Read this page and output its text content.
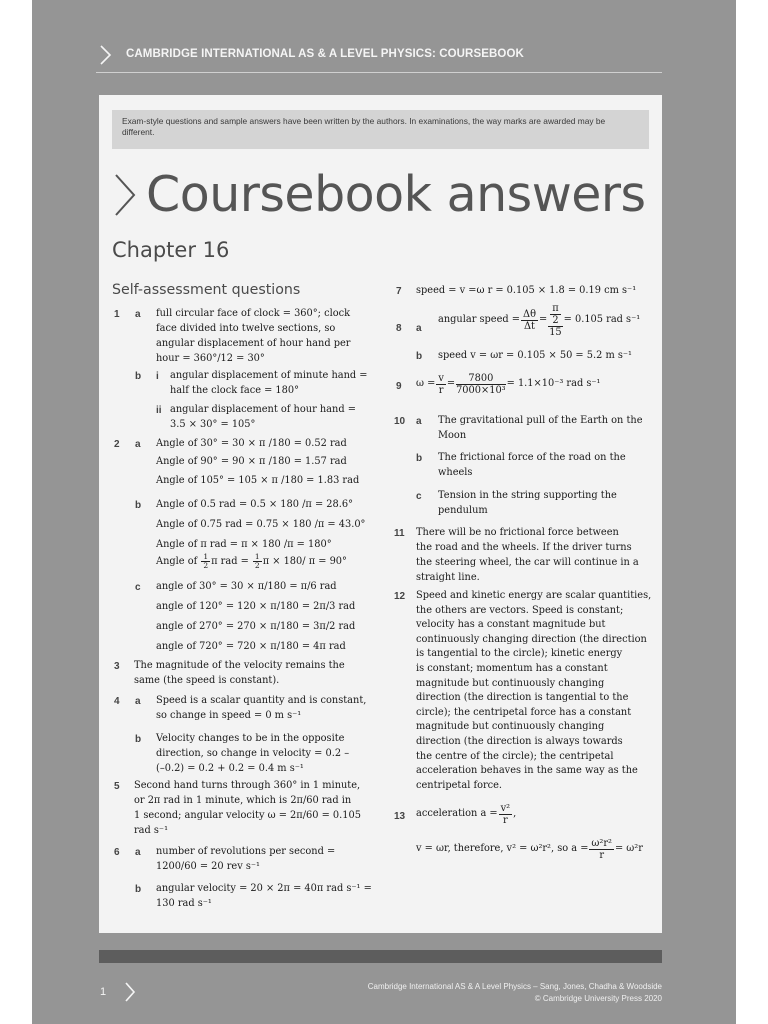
CAMBRIDGE INTERNATIONAL AS & A LEVEL PHYSICS: COURSEBOOK
Exam-style questions and sample answers have been written by the authors. In examinations, the way marks are awarded may be different.
Coursebook answers
Chapter 16
Self-assessment questions
1 a full circular face of clock = 360°; clock
face divided into twelve sections, so
angular displacement of hour hand per
hour = 360°/12 = 30°
b i angular displacement of minute hand =
half the clock face = 180°
ii angular displacement of hour hand =
3.5 × 30° = 105°
2 a Angle of 30° = 30 × π /180 = 0.52 rad
Angle of 90° = 90 × π /180 = 1.57 rad
Angle of 105° = 105 × π /180 = 1.83 rad
b Angle of 0.5 rad = 0.5 × 180 /π = 28.6°
Angle of 0.75 rad = 0.75 × 180 /π = 43.0°
Angle of π rad = π × 180 /π = 180°
Angle of $\frac{1}{2}$ π rad = $\frac{1}{2}$ π × 180/ π = 90°
c angle of 30° = 30 × π/180 = π/6 rad
angle of 120° = 120 × π/180 = 2π/3 rad
angle of 270° = 270 × π/180 = 3π/2 rad
angle of 720° = 720 × π/180 = 4π rad
3 The magnitude of the velocity remains the
same (the speed is constant).
4 a Speed is a scalar quantity and is constant,
so change in speed = 0 m s⁻¹
b Velocity changes to be in the opposite
direction, so change in velocity = 0.2 –
(–0.2) = 0.2 + 0.2 = 0.4 m s⁻¹
5 Second hand turns through 360° in 1 minute,
or 2π rad in 1 minute, which is 2π/60 rad in
1 second; angular velocity ω = 2π/60 = 0.105
rad s⁻¹
6 a number of revolutions per second =
1200/60 = 20 rev s⁻¹
b angular velocity = 20 × 2π = 40π rad s⁻¹ =
130 rad s⁻¹
7 speed = v =ω r = 0.105 × 1.8 = 0.19 cm s⁻¹
8 a
angular speed = $\frac{\Delta\theta}{\Delta t} = \pi$
2
15 = 0.105 rad s⁻¹
b speed v = ωr = 0.105 × 50 = 5.2 m s⁻¹
9 $\omega = \frac{v}{r} = \frac{7800}{\text{7000×10³}} = 1.1\times 10^{-3}$ rad s⁻¹
10 a The gravitational pull of the Earth on the
Moon
b The frictional force of the road on the
wheels
c Tension in the string supporting the
pendulum
11 There will be no frictional force between
the road and the wheels. If the driver turns
the steering wheel, the car will continue in a
straight line.
12 Speed and kinetic energy are scalar quantities,
the others are vectors. Speed is constant;
velocity has a constant magnitude but
continuously changing direction (the direction
is tangential to the circle); kinetic energy
is constant; momentum has a constant
magnitude but continuously changing
direction (the direction is tangential to the
circle); the centripetal force has a constant
magnitude but continuously changing
direction (the direction is always towards
the centre of the circle); the centripetal
acceleration behaves in the same way as the
centripetal force.
13 acceleration $a = \frac{\text{v²}}{r}$ ,
v = ωr, therefore, v² = ω²r², so $a = \frac{\text{ω²r²}}{r} = \omega^2r$
1	Cambridge International AS & A Level Physics – Sang, Jones, Chadha & Woodside
© Cambridge University Press 2020
